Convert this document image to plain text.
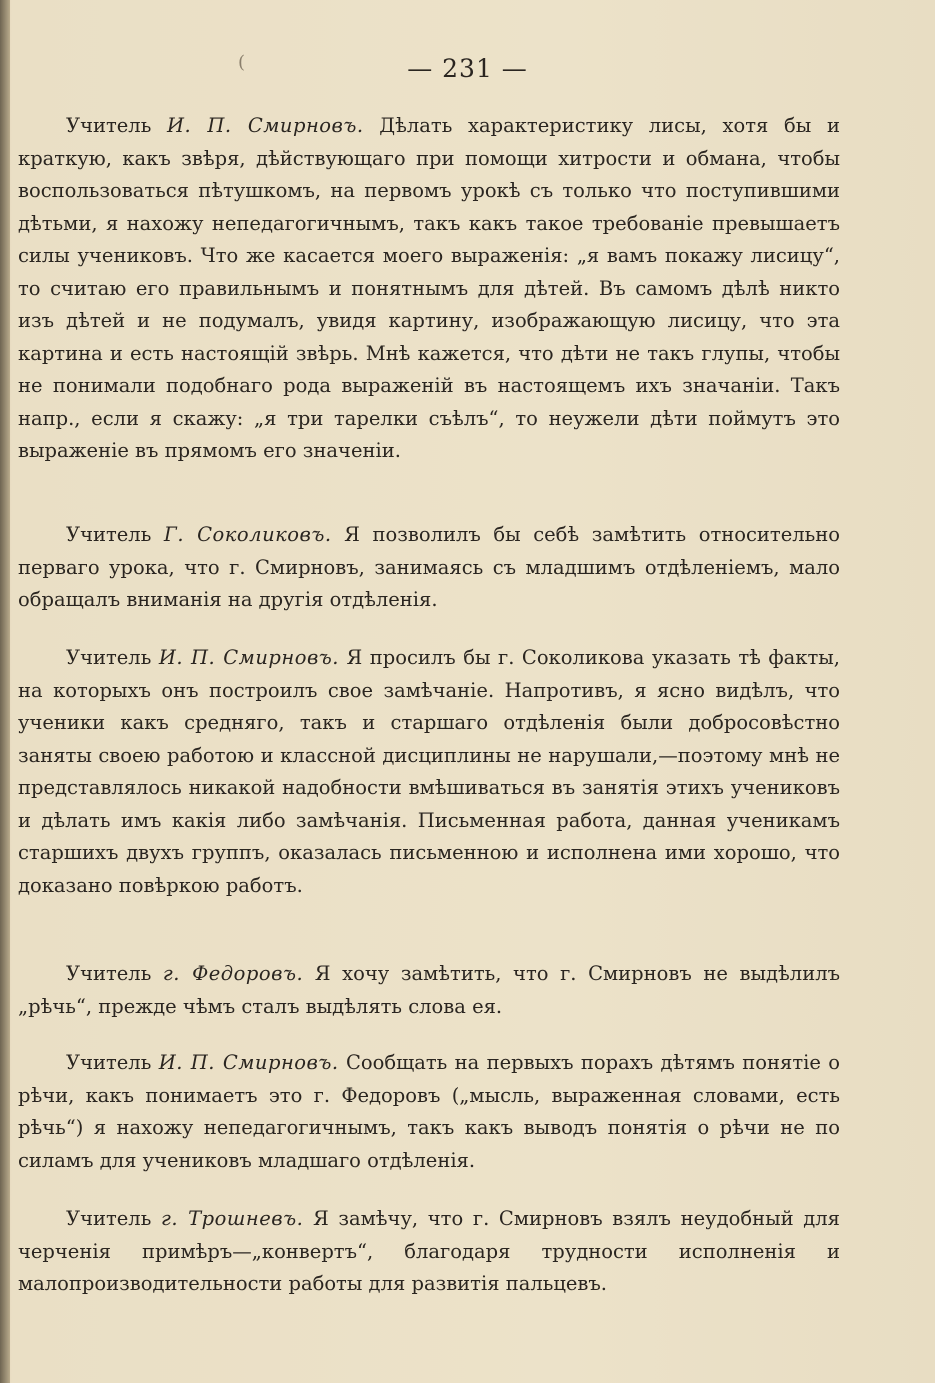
(	— 231 —

Учитель И. П. Смирновъ. Дѣлать характеристику лисы, хотя бы и краткую, какъ звѣря, дѣйствующаго при помощи хитрости и обмана, чтобы воспользоваться пѣтушкомъ, на первомъ урокѣ съ только что поступившими дѣтьми, я нахожу непедагогичнымъ, такъ какъ такое требованіе превышаетъ силы учениковъ. Что же касается моего выраженія: „я вамъ покажу лисицу“, то считаю его правильнымъ и понятнымъ для дѣтей. Въ самомъ дѣлѣ никто изъ дѣтей и не подумалъ, увидя картину, изображающую лисицу, что эта картина и есть настоящій звѣрь. Мнѣ кажется, что дѣти не такъ глупы, чтобы не понимали подобнаго рода выраженій въ настоящемъ ихъ значаніи. Такъ напр., если я скажу: „я три тарелки съѣлъ“, то неужели дѣти поймутъ это выраженіе въ прямомъ его значеніи.

Учитель Г. Соколиковъ. Я позволилъ бы себѣ замѣтить относительно перваго урока, что г. Смирновъ, занимаясь съ младшимъ отдѣленіемъ, мало обращалъ вниманія на другія отдѣленія.

Учитель И. П. Смирновъ. Я просилъ бы г. Соколикова указать тѣ факты, на которыхъ онъ построилъ свое замѣчаніе. Напротивъ, я ясно видѣлъ, что ученики какъ средняго, такъ и старшаго отдѣленія были добросовѣстно заняты своею работою и классной дисциплины не нарушали,—поэтому мнѣ не представлялось никакой надобности вмѣшиваться въ занятія этихъ учениковъ и дѣлать имъ какія либо замѣчанія. Письменная работа, данная ученикамъ старшихъ двухъ группъ, оказалась письменною и исполнена ими хорошо, что доказано повѣркою работъ.

Учитель г. Федоровъ. Я хочу замѣтить, что г. Смирновъ не выдѣлилъ „рѣчь“, прежде чѣмъ сталъ выдѣлять слова ея.

Учитель И. П. Смирновъ. Сообщать на первыхъ порахъ дѣтямъ понятіе о рѣчи, какъ понимаетъ это г. Федоровъ („мысль, выраженная словами, есть рѣчь“) я нахожу непедагогичнымъ, такъ какъ выводъ понятія о рѣчи не по силамъ для учениковъ младшаго отдѣленія.

Учитель г. Трошневъ. Я замѣчу, что г. Смирновъ взялъ неудобный для черченія примѣръ—„конвертъ“, благодаря трудности исполненія и малопроизводительности работы для развитія пальцевъ.
